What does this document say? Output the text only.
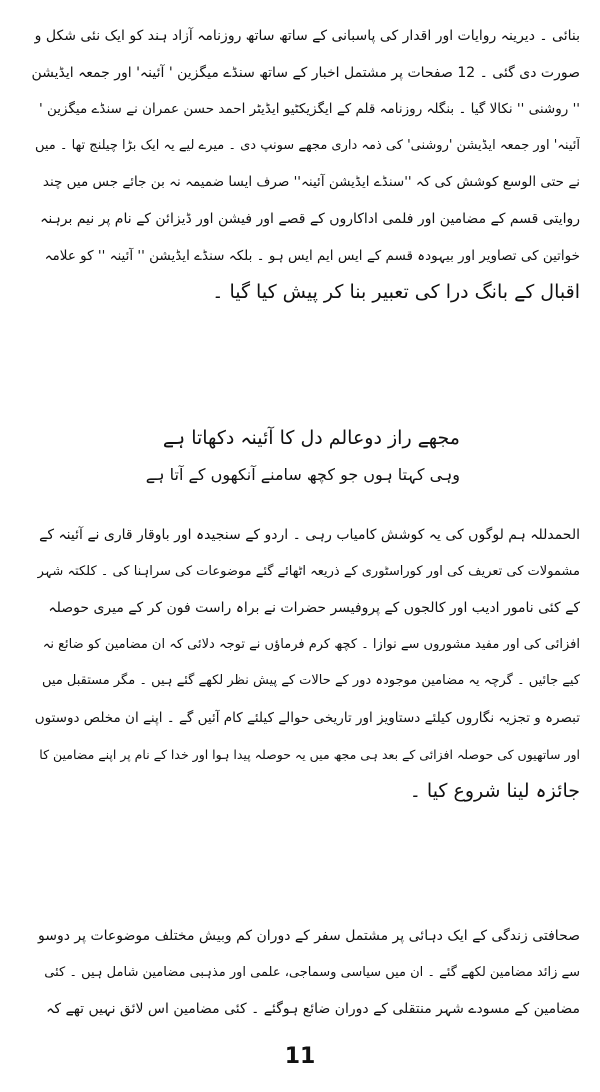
بنائی ۔ دیرینہ روایات اور اقدار کی پاسبانی کے ساتھ ساتھ روزنامہ آزاد ہند کو ایک نئی شکل و
صورت دی گئی ۔ 12 صفحات پر مشتمل اخبار کے ساتھ سنڈے میگزین ' آئینہ' اور جمعہ ایڈیشن
'' روشنی '' نکالا گیا ۔ بنگلہ روزنامہ قلم کے ایگزیکٹیو ایڈیٹر احمد حسن عمران نے سنڈے میگزین '
آئینہ' اور جمعہ ایڈیشن 'روشنی' کی ذمہ داری مجھے سونپ دی ۔ میرے لیے یہ ایک بڑا چیلنج تھا ۔ میں
نے حتی الوسع کوشش کی کہ ''سنڈے ایڈیشن آئینہ'' صرف ایسا ضمیمہ نہ بن جائے جس میں چند
روایتی قسم کے مضامین اور فلمی اداکاروں کے قصے اور فیشن اور ڈیزائن کے نام پر نیم برہنہ
خواتین کی تصاویر اور بیہودہ قسم کے ایس ایم ایس ہو ۔ بلکہ سنڈے ایڈیشن '' آئینہ '' کو علامہ
اقبال کے بانگ درا کی تعبیر بنا کر پیش کیا گیا ۔
مجھے راز دوعالم دل کا آئینہ دکھاتا ہے
وہی کہتا ہوں جو کچھ سامنے آنکھوں کے آتا ہے
الحمدللہ ہم لوگوں کی یہ کوشش کامیاب رہی ۔ اردو کے سنجیدہ اور باوقار قاری نے آئینہ کے
مشمولات کی تعریف کی اور کوراسٹوری کے ذریعہ اٹھائے گئے موضوعات کی سراہنا کی ۔ کلکتہ شہر
کے کئی نامور ادیب اور کالجوں کے پروفیسر حضرات نے براہ راست فون کر کے میری حوصلہ
افزائی کی اور مفید مشوروں سے نوازا ۔ کچھ کرم فرماؤں نے توجہ دلائی کہ ان مضامین کو ضائع نہ
کیے جائیں ۔ گرچہ یہ مضامین موجودہ دور کے حالات کے پیش نظر لکھے گئے ہیں ۔ مگر مستقبل میں
تبصرہ و تجزیہ نگاروں کیلئے دستاویز اور تاریخی حوالے کیلئے کام آئیں گے ۔ اپنے ان مخلص دوستوں
اور ساتھیوں کی حوصلہ افزائی کے بعد ہی مجھ میں یہ حوصلہ پیدا ہوا اور خدا کے نام پر اپنے مضامین کا
جائزہ لینا شروع کیا ۔
صحافتی زندگی کے ایک دہائی پر مشتمل سفر کے دوران کم وبیش مختلف موضوعات پر دوسو
سے زائد مضامین لکھے گئے ۔ ان میں سیاسی وسماجی، علمی اور مذہبی مضامین شامل ہیں ۔ کئی
مضامین کے مسودے شہر منتقلی کے دوران ضائع ہوگئے ۔ کئی مضامین اس لائق نہیں تھے کہ
11
